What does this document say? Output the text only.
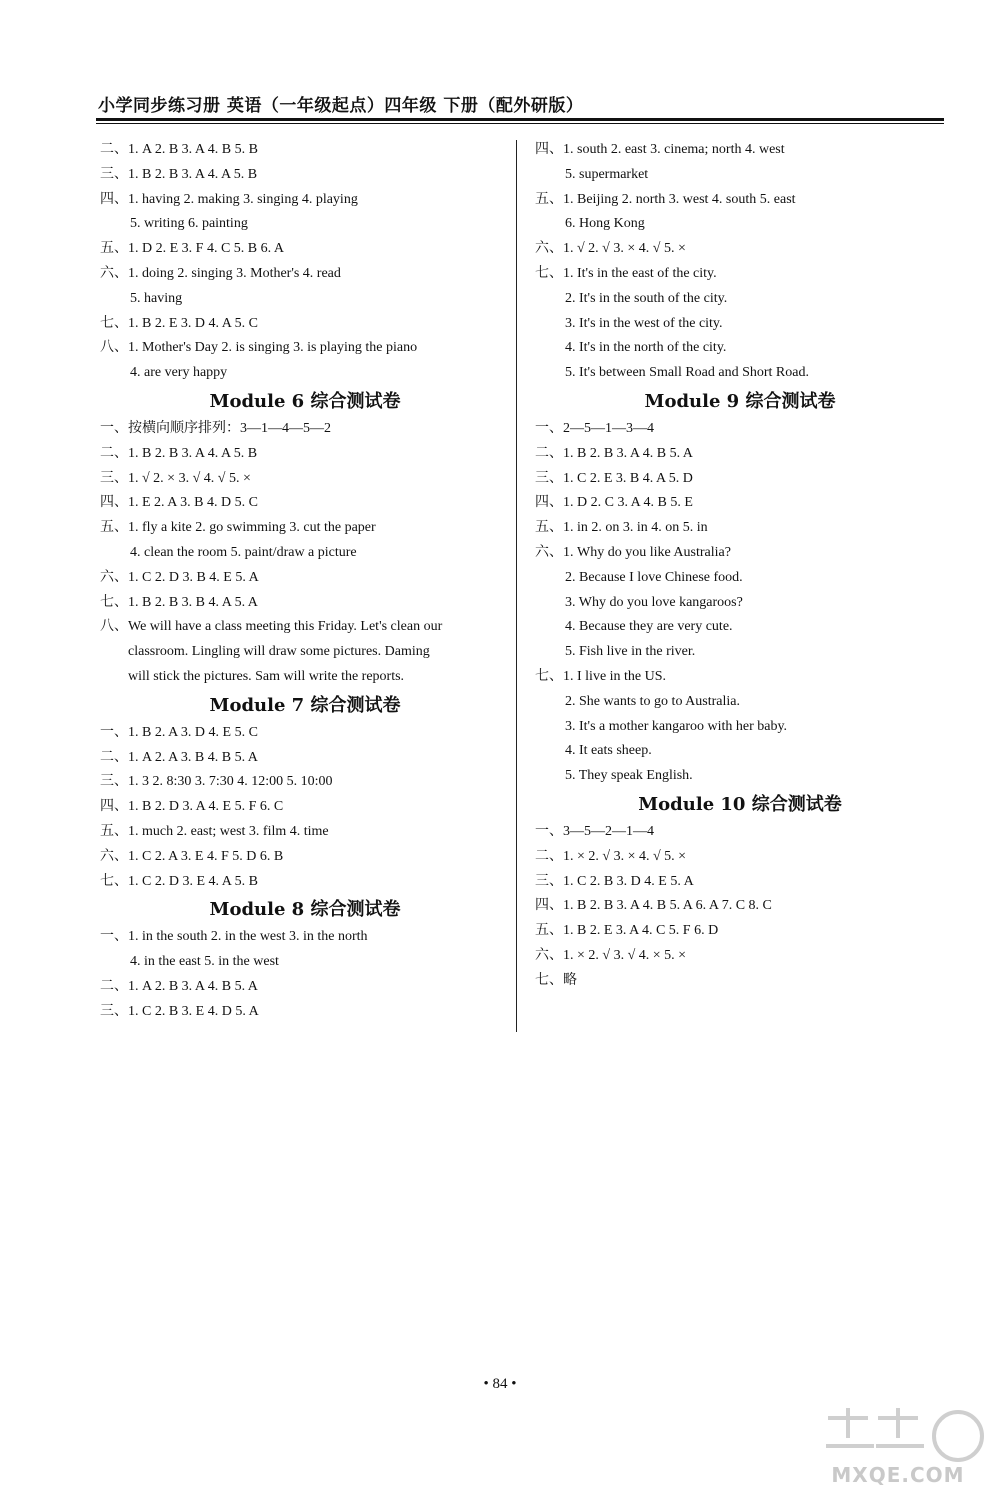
小学同步练习册 英语（一年级起点）四年级 下册（配外研版）
二、1. A 2. B 3. A 4. B 5. B
三、1. B 2. B 3. A 4. A 5. B
四、1. having 2. making 3. singing 4. playing
5. writing 6. painting
五、1. D 2. E 3. F 4. C 5. B 6. A
六、1. doing 2. singing 3. Mother's 4. read
5. having
七、1. B 2. E 3. D 4. A 5. C
八、1. Mother's Day 2. is singing 3. is playing the piano
4. are very happy
Module 6 综合测试卷
一、按横向顺序排列：3—1—4—5—2
二、1. B 2. B 3. A 4. A 5. B
三、1. √ 2. × 3. √ 4. √ 5. ×
四、1. E 2. A 3. B 4. D 5. C
五、1. fly a kite 2. go swimming 3. cut the paper
4. clean the room 5. paint/draw a picture
六、1. C 2. D 3. B 4. E 5. A
七、1. B 2. B 3. B 4. A 5. A
八、We will have a class meeting this Friday. Let's clean our
classroom. Lingling will draw some pictures. Daming
will stick the pictures. Sam will write the reports.
Module 7 综合测试卷
一、1. B 2. A 3. D 4. E 5. C
二、1. A 2. A 3. B 4. B 5. A
三、1. 3 2. 8:30 3. 7:30 4. 12:00 5. 10:00
四、1. B 2. D 3. A 4. E 5. F 6. C
五、1. much 2. east; west 3. film 4. time
六、1. C 2. A 3. E 4. F 5. D 6. B
七、1. C 2. D 3. E 4. A 5. B
Module 8 综合测试卷
一、1. in the south 2. in the west 3. in the north
4. in the east 5. in the west
二、1. A 2. B 3. A 4. B 5. A
三、1. C 2. B 3. E 4. D 5. A
四、1. south 2. east 3. cinema; north 4. west
5. supermarket
五、1. Beijing 2. north 3. west 4. south 5. east
6. Hong Kong
六、1. √ 2. √ 3. × 4. √ 5. ×
七、1. It's in the east of the city.
2. It's in the south of the city.
3. It's in the west of the city.
4. It's in the north of the city.
5. It's between Small Road and Short Road.
Module 9 综合测试卷
一、2—5—1—3—4
二、1. B 2. B 3. A 4. B 5. A
三、1. C 2. E 3. B 4. A 5. D
四、1. D 2. C 3. A 4. B 5. E
五、1. in 2. on 3. in 4. on 5. in
六、1. Why do you like Australia?
2. Because I love Chinese food.
3. Why do you love kangaroos?
4. Because they are very cute.
5. Fish live in the river.
七、1. I live in the US.
2. She wants to go to Australia.
3. It's a mother kangaroo with her baby.
4. It eats sheep.
5. They speak English.
Module 10 综合测试卷
一、3—5—2—1—4
二、1. × 2. √ 3. × 4. √ 5. ×
三、1. C 2. B 3. D 4. E 5. A
四、1. B 2. B 3. A 4. B 5. A 6. A 7. C 8. C
五、1. B 2. E 3. A 4. C 5. F 6. D
六、1. × 2. √ 3. √ 4. × 5. ×
七、略
• 84 •
MXQE.COM
